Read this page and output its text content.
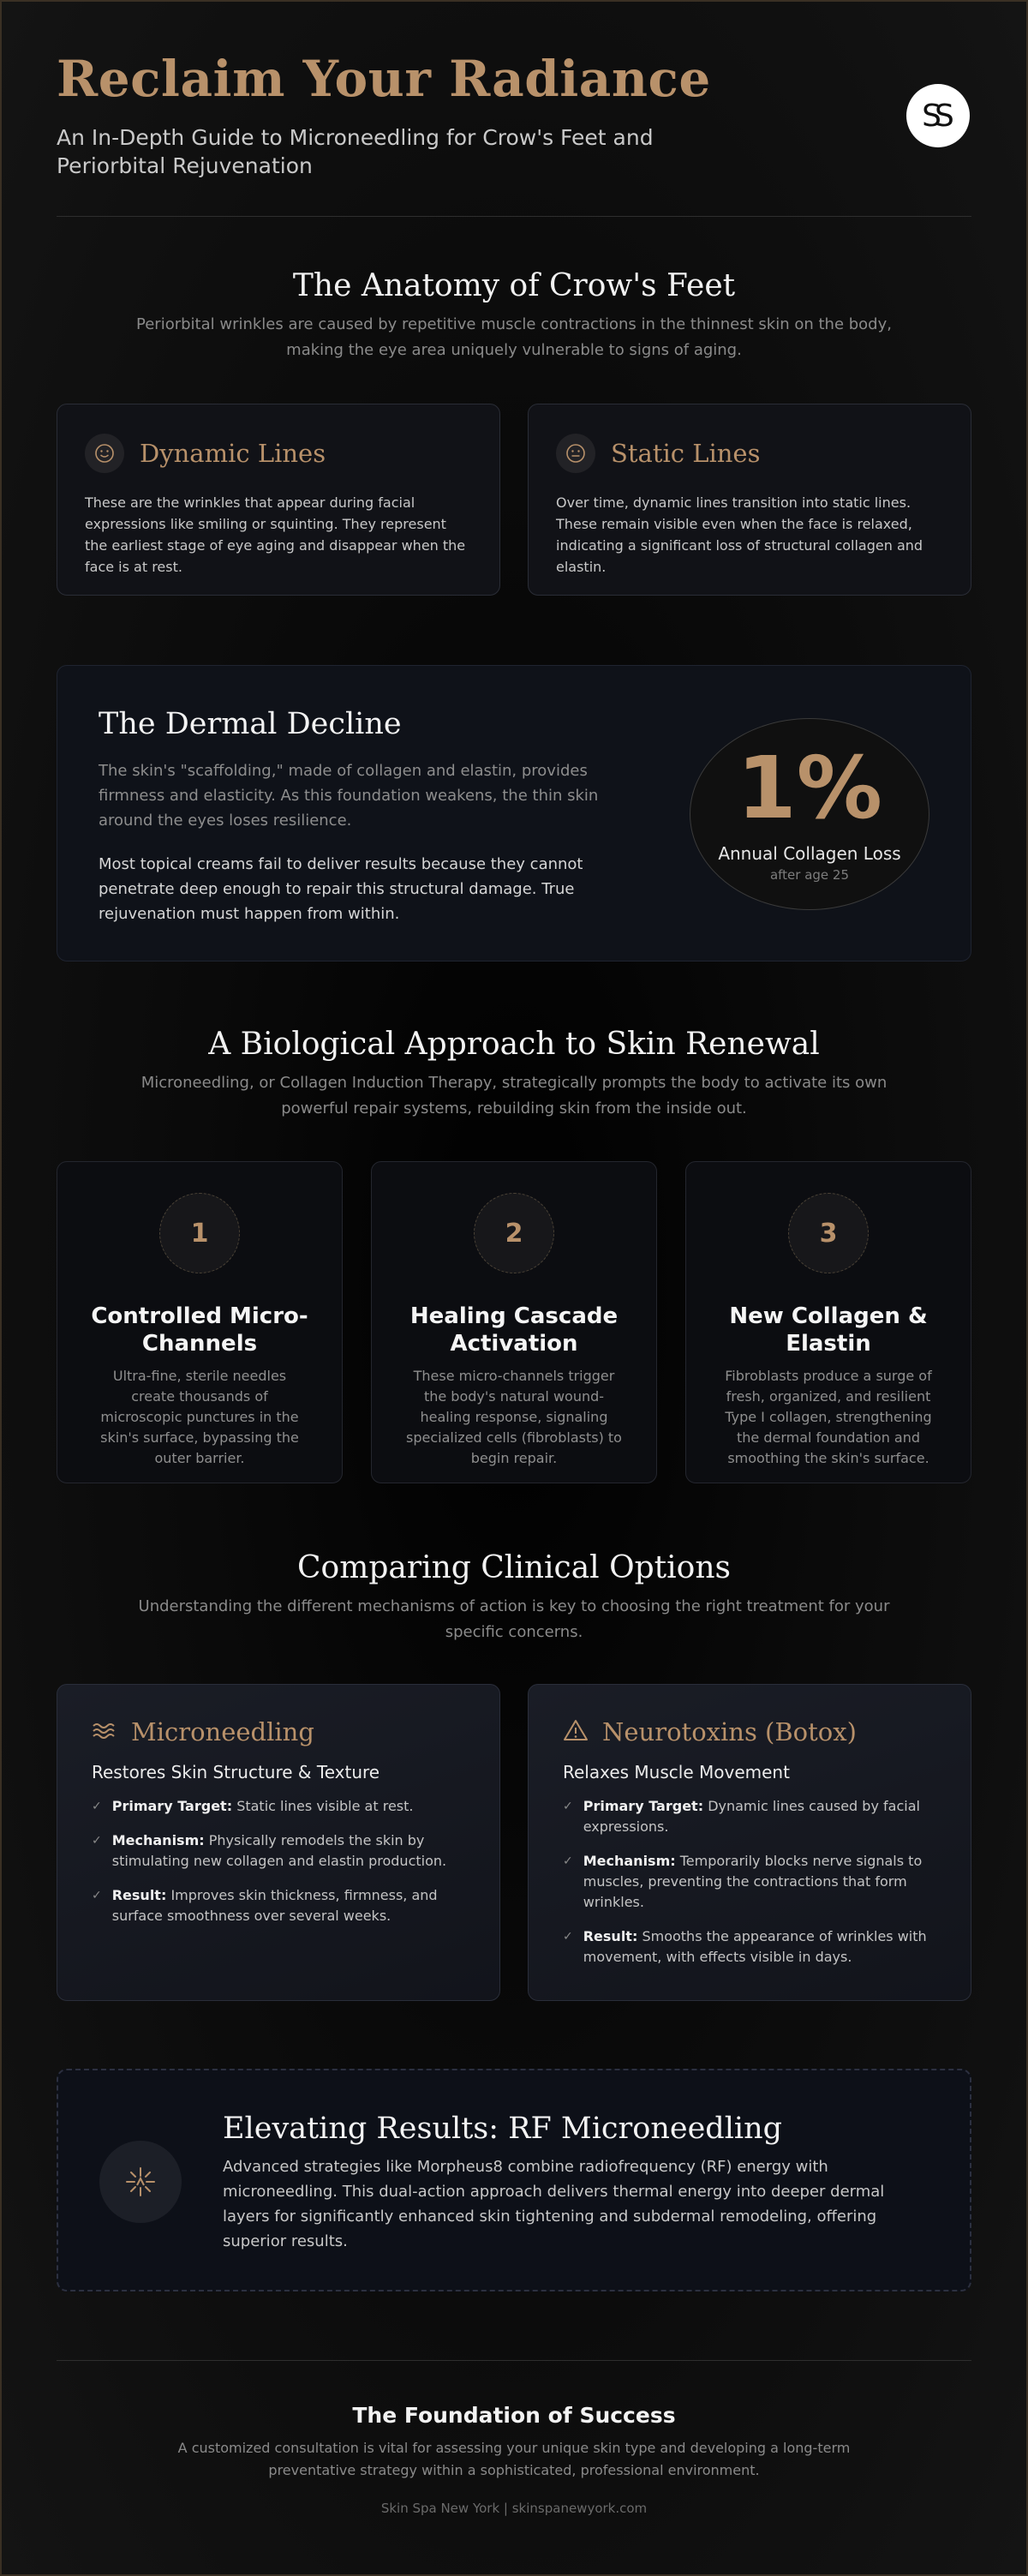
Reclaim Your Radiance
An In-Depth Guide to Microneedling for Crow's Feet and Periorbital Rejuvenation
SS
The Anatomy of Crow's Feet
Periorbital wrinkles are caused by repetitive muscle contractions in the thinnest skin on the body, making the eye area uniquely vulnerable to signs of aging.
Dynamic Lines
These are the wrinkles that appear during facial expressions like smiling or squinting. They represent the earliest stage of eye aging and disappear when the face is at rest.
Static Lines
Over time, dynamic lines transition into static lines. These remain visible even when the face is relaxed, indicating a significant loss of structural collagen and elastin.
The Dermal Decline
The skin's "scaffolding," made of collagen and elastin, provides firmness and elasticity. As this foundation weakens, the thin skin around the eyes loses resilience.
Most topical creams fail to deliver results because they cannot penetrate deep enough to repair this structural damage. True rejuvenation must happen from within.
1%
Annual Collagen Loss
after age 25
A Biological Approach to Skin Renewal
Microneedling, or Collagen Induction Therapy, strategically prompts the body to activate its own powerful repair systems, rebuilding skin from the inside out.
1
Controlled Micro-Channels
Ultra-fine, sterile needles create thousands of microscopic punctures in the skin's surface, bypassing the outer barrier.
2
Healing Cascade Activation
These micro-channels trigger the body's natural wound-healing response, signaling specialized cells (fibroblasts) to begin repair.
3
New Collagen & Elastin
Fibroblasts produce a surge of fresh, organized, and resilient Type I collagen, strengthening the dermal foundation and smoothing the skin's surface.
Comparing Clinical Options
Understanding the different mechanisms of action is key to choosing the right treatment for your specific concerns.
Microneedling
Restores Skin Structure & Texture
✓ Primary Target: Static lines visible at rest.
✓ Mechanism: Physically remodels the skin by stimulating new collagen and elastin production.
✓ Result: Improves skin thickness, firmness, and surface smoothness over several weeks.
Neurotoxins (Botox)
Relaxes Muscle Movement
✓ Primary Target: Dynamic lines caused by facial expressions.
✓ Mechanism: Temporarily blocks nerve signals to muscles, preventing the contractions that form wrinkles.
✓ Result: Smooths the appearance of wrinkles with movement, with effects visible in days.
Elevating Results: RF Microneedling
Advanced strategies like Morpheus8 combine radiofrequency (RF) energy with microneedling. This dual-action approach delivers thermal energy into deeper dermal layers for significantly enhanced skin tightening and subdermal remodeling, offering superior results.
The Foundation of Success
A customized consultation is vital for assessing your unique skin type and developing a long-term preventative strategy within a sophisticated, professional environment.
Skin Spa New York | skinspanewyork.com
